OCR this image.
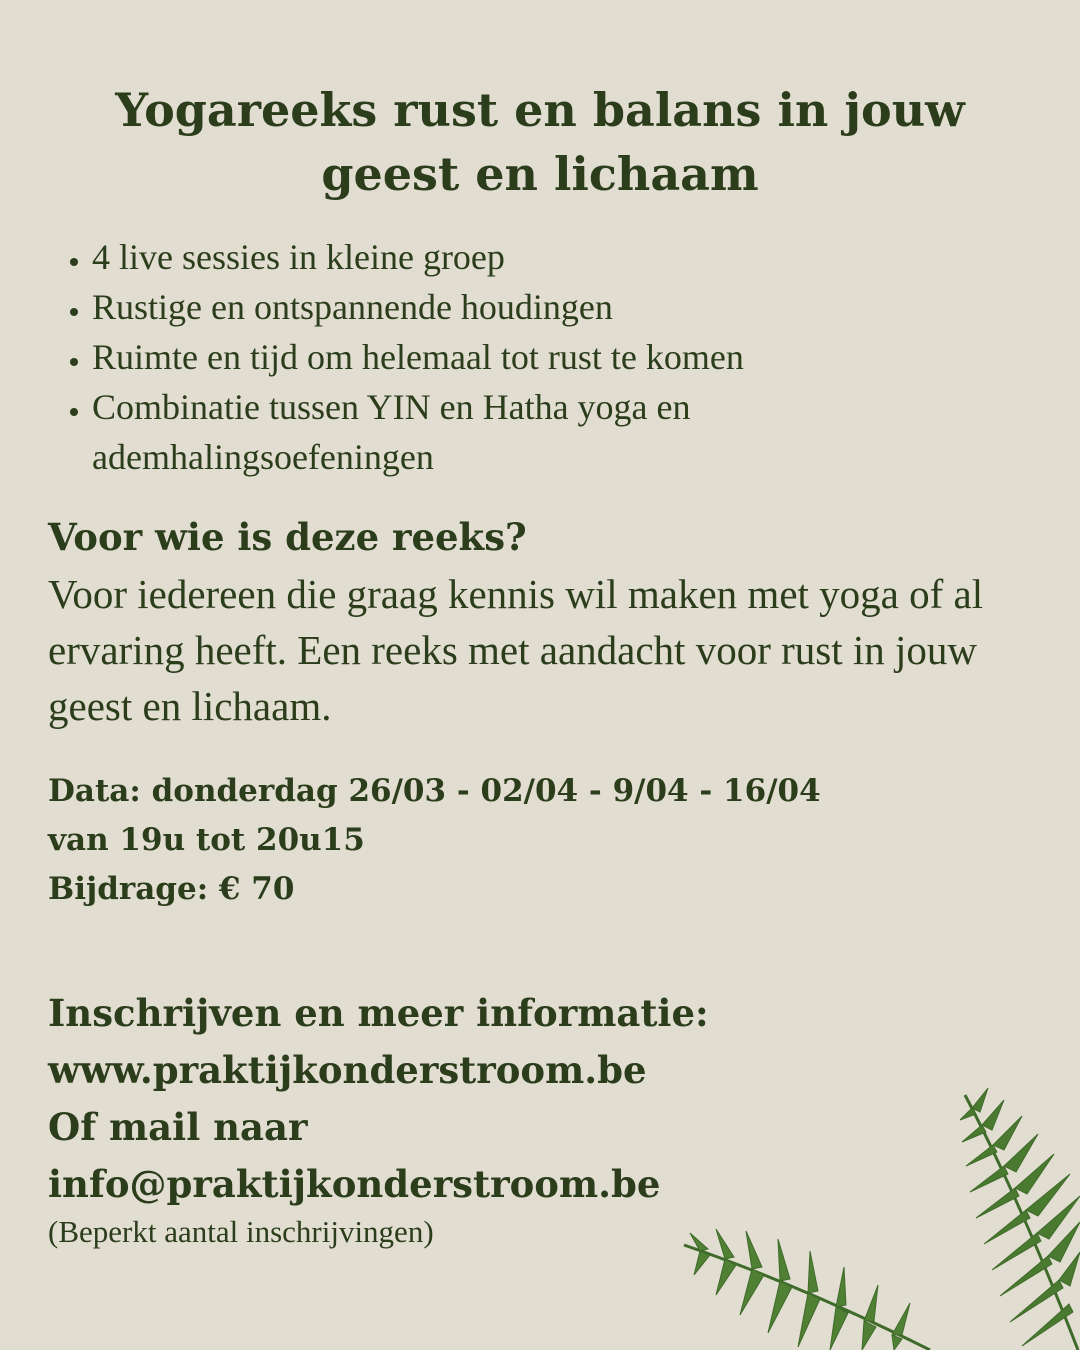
Yogareeks rust en balans in jouw geest en lichaam
• 4 live sessies in kleine groep
• Rustige en ontspannende houdingen
• Ruimte en tijd om helemaal tot rust te komen
• Combinatie tussen YIN en Hatha yoga en ademhalingsoefeningen
Voor wie is deze reeks?

Voor iedereen die graag kennis wil maken met yoga of al ervaring heeft. Een reeks met aandacht voor rust in jouw geest en lichaam.

Data: donderdag 26/03 - 02/04 - 9/04 - 16/04
van 19u tot 20u15
Bijdrage: € 70
Inschrijven en meer informatie:
www.praktijkonderstroom.be
Of mail naar
info@praktijkonderstroom.be

(Beperkt aantal inschrijvingen)
